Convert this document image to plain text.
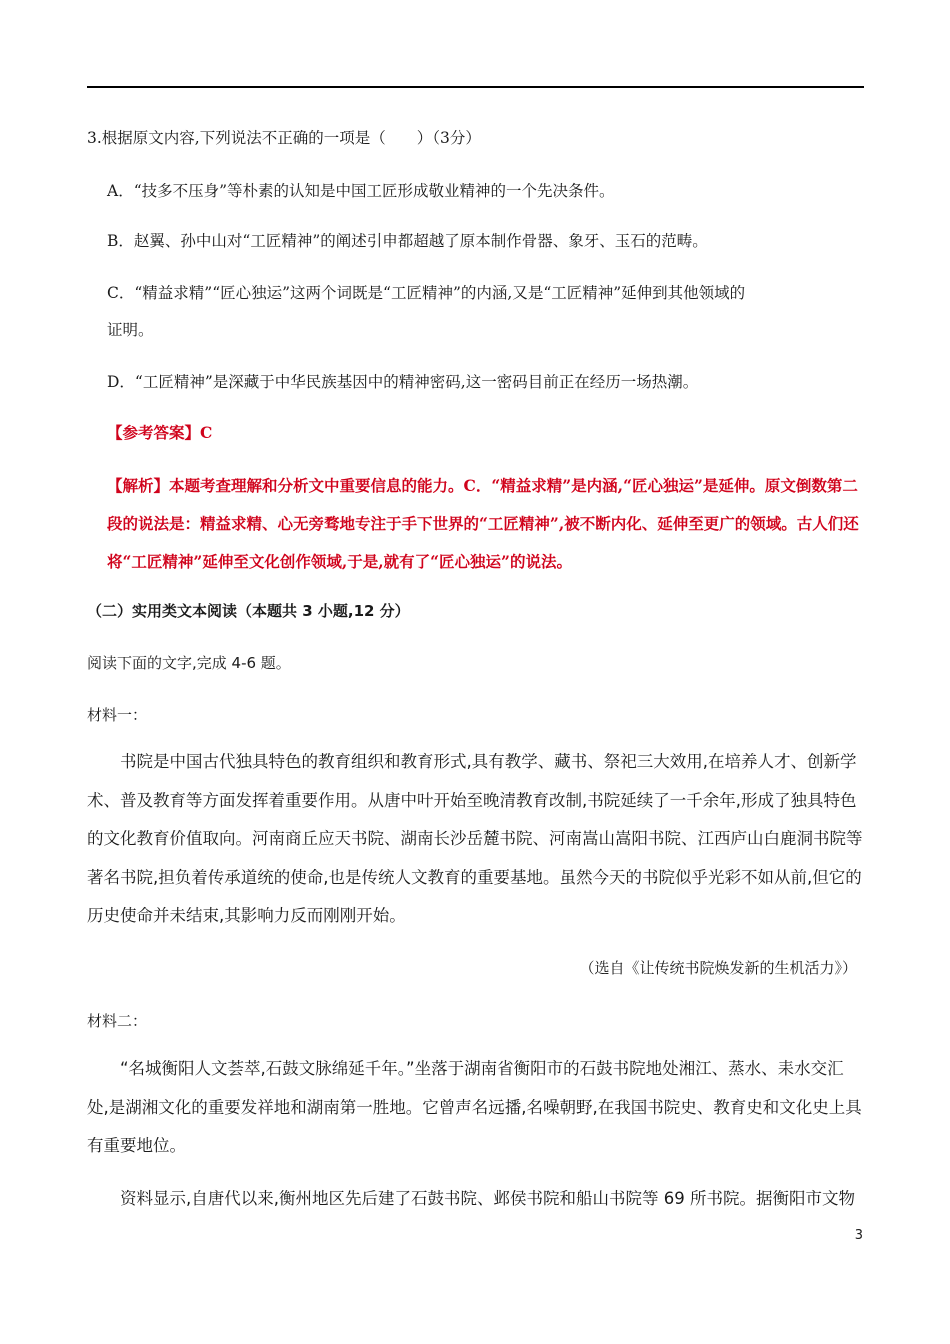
3.根据原文内容,下列说法不正确的一项是（　　）（3分）
A．“技多不压身”等朴素的认知是中国工匠形成敬业精神的一个先决条件。
B．赵翼、孙中山对“工匠精神”的阐述引申都超越了原本制作骨器、象牙、玉石的范畴。
C．“精益求精”“匠心独运”这两个词既是“工匠精神”的内涵,又是“工匠精神”延伸到其他领域的
证明。
D．“工匠精神”是深藏于中华民族基因中的精神密码,这一密码目前正在经历一场热潮。
【参考答案】C
【解析】本题考查理解和分析文中重要信息的能力。C．“精益求精”是内涵,“匠心独运”是延伸。原文倒数第二段的说法是：精益求精、心无旁骛地专注于手下世界的“工匠精神”,被不断内化、延伸至更广的领域。古人们还将“工匠精神”延伸至文化创作领域,于是,就有了“匠心独运”的说法。
（二）实用类文本阅读（本题共 3 小题,12 分）
阅读下面的文字,完成 4-6 题。
材料一：
书院是中国古代独具特色的教育组织和教育形式,具有教学、藏书、祭祀三大效用,在培养人才、创新学术、普及教育等方面发挥着重要作用。从唐中叶开始至晚清教育改制,书院延续了一千余年,形成了独具特色的文化教育价值取向。河南商丘应天书院、湖南长沙岳麓书院、河南嵩山嵩阳书院、江西庐山白鹿洞书院等著名书院,担负着传承道统的使命,也是传统人文教育的重要基地。虽然今天的书院似乎光彩不如从前,但它的历史使命并未结束,其影响力反而刚刚开始。
（选自《让传统书院焕发新的生机活力》）
材料二：
“名城衡阳人文荟萃,石鼓文脉绵延千年。”坐落于湖南省衡阳市的石鼓书院地处湘江、蒸水、耒水交汇处,是湖湘文化的重要发祥地和湖南第一胜地。它曾声名远播,名噪朝野,在我国书院史、教育史和文化史上具有重要地位。
资料显示,自唐代以来,衡州地区先后建了石鼓书院、邺侯书院和船山书院等 69 所书院。据衡阳市文物
3
